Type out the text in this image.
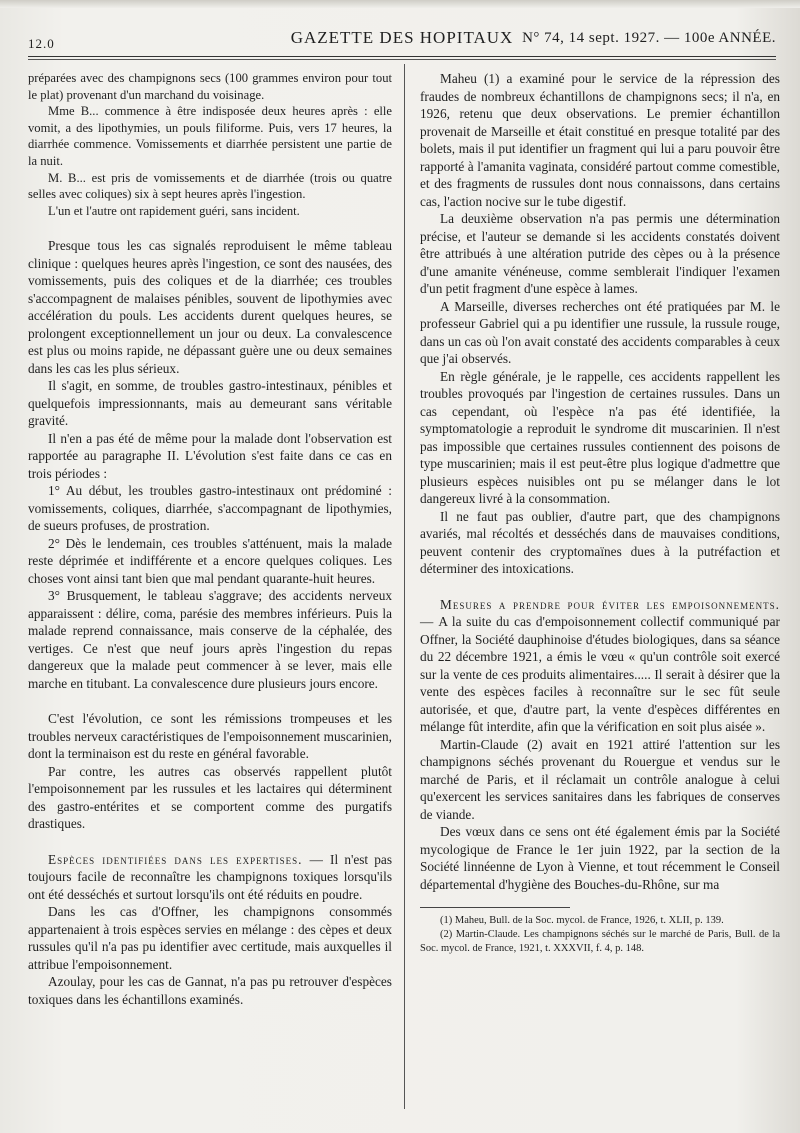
12.0	GAZETTE DES HOPITAUX N° 74, 14 sept. 1927. — 100e ANNÉE.

préparées avec des champignons secs (100 grammes environ pour tout le plat) provenant d'un marchand du voisinage.

Mme B... commence à être indisposée deux heures après : elle vomit, a des lipothymies, un pouls filiforme. Puis, vers 17 heures, la diarrhée commence. Vomissements et diarrhée persistent une partie de la nuit.

M. B... est pris de vomissements et de diarrhée (trois ou quatre selles avec coliques) six à sept heures après l'ingestion.

L'un et l'autre ont rapidement guéri, sans incident.

Presque tous les cas signalés reproduisent le même tableau clinique : quelques heures après l'ingestion, ce sont des nausées, des vomissements, puis des coliques et de la diarrhée; ces troubles s'accompagnent de malaises pénibles, souvent de lipothymies avec accélération du pouls. Les accidents durent quelques heures, se prolongent exceptionnellement un jour ou deux. La convalescence est plus ou moins rapide, ne dépassant guère une ou deux semaines dans les cas les plus sérieux.

Il s'agit, en somme, de troubles gastro-intestinaux, pénibles et quelquefois impressionnants, mais au demeurant sans véritable gravité.

Il n'en a pas été de même pour la malade dont l'observation est rapportée au paragraphe II. L'évolution s'est faite dans ce cas en trois périodes :

1° Au début, les troubles gastro-intestinaux ont prédominé : vomissements, coliques, diarrhée, s'accompagnant de lipothymies, de sueurs profuses, de prostration.

2° Dès le lendemain, ces troubles s'atténuent, mais la malade reste déprimée et indifférente et a encore quelques coliques. Les choses vont ainsi tant bien que mal pendant quarante-huit heures.

3° Brusquement, le tableau s'aggrave; des accidents nerveux apparaissent : délire, coma, parésie des membres inférieurs. Puis la malade reprend connaissance, mais conserve de la céphalée, des vertiges. Ce n'est que neuf jours après l'ingestion du repas dangereux que la malade peut commencer à se lever, mais elle marche en titubant. La convalescence dure plusieurs jours encore.

C'est l'évolution, ce sont les rémissions trompeuses et les troubles nerveux caractéristiques de l'empoisonnement muscarinien, dont la terminaison est du reste en général favorable.

Par contre, les autres cas observés rappellent plutôt l'empoisonnement par les russules et les lactaires qui déterminent des gastro-entérites et se comportent comme des purgatifs drastiques.

Espèces identifiées dans les expertises. — Il n'est pas toujours facile de reconnaître les champignons toxiques lorsqu'ils ont été desséchés et surtout lorsqu'ils ont été réduits en poudre.

Dans les cas d'Offner, les champignons consommés appartenaient à trois espèces servies en mélange : des cèpes et deux russules qu'il n'a pas pu identifier avec certitude, mais auxquelles il attribue l'empoisonnement.

Azoulay, pour les cas de Gannat, n'a pas pu retrouver d'espèces toxiques dans les échantillons examinés.

Maheu (1) a examiné pour le service de la répression des fraudes de nombreux échantillons de champignons secs; il n'a, en 1926, retenu que deux observations. Le premier échantillon provenait de Marseille et était constitué en presque totalité par des bolets, mais il put identifier un fragment qui lui a paru pouvoir être rapporté à l'amanita vaginata, considéré partout comme comestible, et des fragments de russules dont nous connaissons, dans certains cas, l'action nocive sur le tube digestif.

La deuxième observation n'a pas permis une détermination précise, et l'auteur se demande si les accidents constatés doivent être attribués à une altération putride des cèpes ou à la présence d'une amanite vénéneuse, comme semblerait l'indiquer l'examen d'un petit fragment d'une espèce à lames.

A Marseille, diverses recherches ont été pratiquées par M. le professeur Gabriel qui a pu identifier une russule, la russule rouge, dans un cas où l'on avait constaté des accidents comparables à ceux que j'ai observés.

En règle générale, je le rappelle, ces accidents rappellent les troubles provoqués par l'ingestion de certaines russules. Dans un cas cependant, où l'espèce n'a pas été identifiée, la symptomatologie a reproduit le syndrome dit muscarinien. Il n'est pas impossible que certaines russules contiennent des poisons de type muscarinien; mais il est peut-être plus logique d'admettre que plusieurs espèces nuisibles ont pu se mélanger dans le lot dangereux livré à la consommation.

Il ne faut pas oublier, d'autre part, que des champignons avariés, mal récoltés et desséchés dans de mauvaises conditions, peuvent contenir des cryptomaïnes dues à la putréfaction et déterminer des intoxications.

Mesures a prendre pour éviter les empoisonnements. — A la suite du cas d'empoisonnement collectif communiqué par Offner, la Société dauphinoise d'études biologiques, dans sa séance du 22 décembre 1921, a émis le vœu « qu'un contrôle soit exercé sur la vente de ces produits alimentaires..... Il serait à désirer que la vente des espèces faciles à reconnaître sur le sec fût seule autorisée, et que, d'autre part, la vente d'espèces différentes en mélange fût interdite, afin que la vérification en soit plus aisée ».

Martin-Claude (2) avait en 1921 attiré l'attention sur les champignons séchés provenant du Rouergue et vendus sur le marché de Paris, et il réclamait un contrôle analogue à celui qu'exercent les services sanitaires dans les fabriques de conserves de viande.

Des vœux dans ce sens ont été également émis par la Société mycologique de France le 1er juin 1922, par la section de la Société linnéenne de Lyon à Vienne, et tout récemment le Conseil départemental d'hygiène des Bouches-du-Rhône, sur ma

(1) Maheu, Bull. de la Soc. mycol. de France, 1926, t. XLII, p. 139.

(2) Martin-Claude. Les champignons séchés sur le marché de Paris, Bull. de la Soc. mycol. de France, 1921, t. XXXVII, f. 4, p. 148.
